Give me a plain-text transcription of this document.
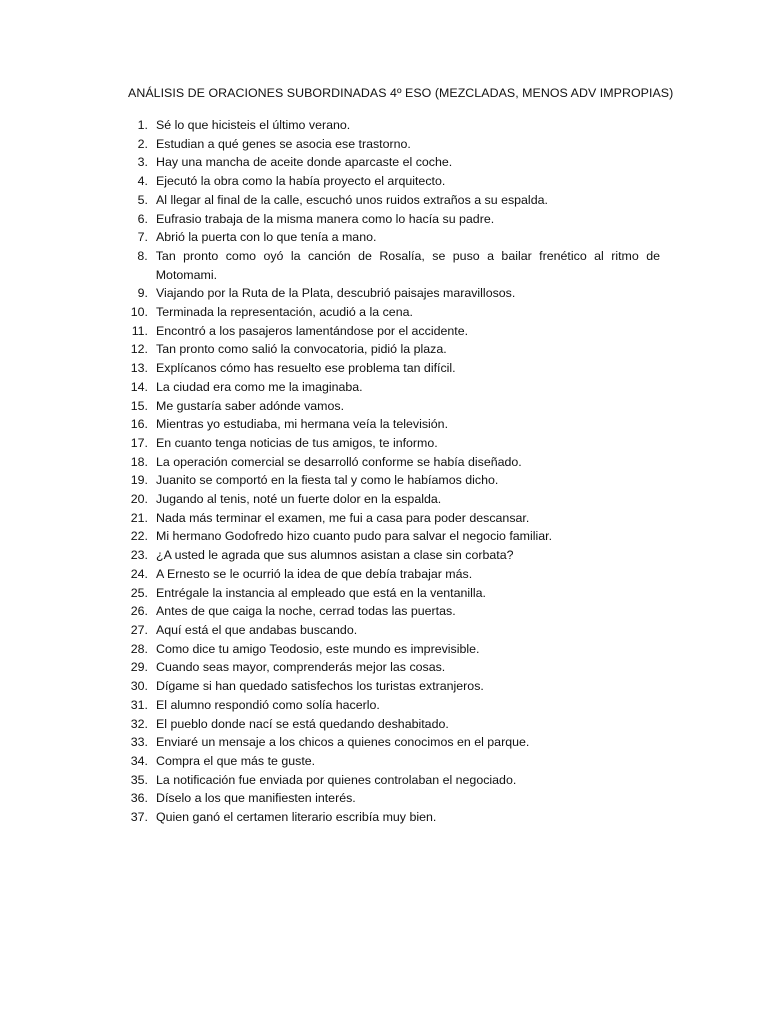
ANÁLISIS DE ORACIONES SUBORDINADAS 4º ESO (MEZCLADAS, MENOS ADV IMPROPIAS)
1. Sé lo que hicisteis el último verano.
2. Estudian a qué genes se asocia ese trastorno.
3. Hay una mancha de aceite donde aparcaste el coche.
4. Ejecutó la obra como la había proyecto el arquitecto.
5. Al llegar al final de la calle, escuchó unos ruidos extraños a su espalda.
6. Eufrasio trabaja de la misma manera como lo hacía su padre.
7. Abrió la puerta con lo que tenía a mano.
8. Tan pronto como oyó la canción de Rosalía, se puso a bailar frenético al ritmo de Motomami.
9. Viajando por la Ruta de la Plata, descubrió paisajes maravillosos.
10. Terminada la representación, acudió a la cena.
11. Encontró a los pasajeros lamentándose por el accidente.
12. Tan pronto como salió la convocatoria, pidió la plaza.
13. Explícanos cómo has resuelto ese problema tan difícil.
14. La ciudad era como me la imaginaba.
15. Me gustaría saber adónde vamos.
16. Mientras yo estudiaba, mi hermana veía la televisión.
17. En cuanto tenga noticias de tus amigos, te informo.
18. La operación comercial se desarrolló conforme se había diseñado.
19. Juanito se comportó en la fiesta tal y como le habíamos dicho.
20. Jugando al tenis, noté un fuerte dolor en la espalda.
21. Nada más terminar el examen, me fui a casa para poder descansar.
22. Mi hermano Godofredo hizo cuanto pudo para salvar el negocio familiar.
23. ¿A usted le agrada que sus alumnos asistan a clase sin corbata?
24. A Ernesto se le ocurrió la idea de que debía trabajar más.
25. Entrégale la instancia al empleado que está en la ventanilla.
26. Antes de que caiga la noche, cerrad todas las puertas.
27. Aquí está el que andabas buscando.
28. Como dice tu amigo Teodosio, este mundo es imprevisible.
29. Cuando seas mayor, comprenderás mejor las cosas.
30. Dígame si han quedado satisfechos los turistas extranjeros.
31. El alumno respondió como solía hacerlo.
32. El pueblo donde nací se está quedando deshabitado.
33. Enviaré un mensaje a los chicos a quienes conocimos en el parque.
34. Compra el que más te guste.
35. La notificación fue enviada por quienes controlaban el negociado.
36. Díselo a los que manifiesten interés.
37. Quien ganó el certamen literario escribía muy bien.
